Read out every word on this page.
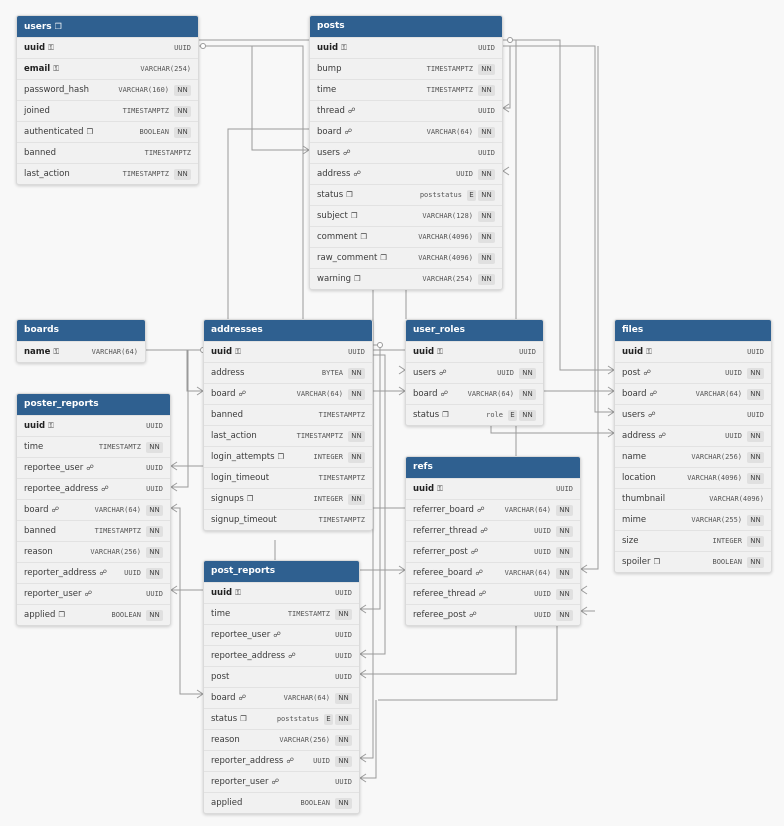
users ❒
uuid ⚿	UUID
email ⚿	VARCHAR(254)
password_hash	VARCHAR(160)	NN
joined	TIMESTAMPTZ	NN
authenticated ❒	BOOLEAN	NN
banned	TIMESTAMPTZ
last_action	TIMESTAMPTZ	NN
posts
uuid ⚿	UUID
bump	TIMESTAMPTZ	NN
time	TIMESTAMPTZ	NN
thread ☍	UUID
board ☍	VARCHAR(64)	NN
users ☍	UUID
address ☍	UUID	NN
status ❒	poststatus	E	NN
subject ❒	VARCHAR(128)	NN
comment ❒	VARCHAR(4096)	NN
raw_comment ❒	VARCHAR(4096)	NN
warning ❒	VARCHAR(254)	NN
boards
name ⚿	VARCHAR(64)
addresses
uuid ⚿	UUID
address	BYTEA	NN
board ☍	VARCHAR(64)	NN
banned	TIMESTAMPTZ
last_action	TIMESTAMPTZ	NN
login_attempts ❒	INTEGER	NN
login_timeout	TIMESTAMPTZ
signups ❒	INTEGER	NN
signup_timeout	TIMESTAMPTZ
user_roles
uuid ⚿	UUID
users ☍	UUID	NN
board ☍	VARCHAR(64)	NN
status ❒	role	E	NN
files
uuid ⚿	UUID
post ☍	UUID	NN
board ☍	VARCHAR(64)	NN
users ☍	UUID
address ☍	UUID	NN
name	VARCHAR(256)	NN
location	VARCHAR(4096)	NN
thumbnail	VARCHAR(4096)
mime	VARCHAR(255)	NN
size	INTEGER	NN
spoiler ❒	BOOLEAN	NN
poster_reports
uuid ⚿	UUID
time	TIMESTAMTZ	NN
reportee_user ☍	UUID
reportee_address ☍	UUID
board ☍	VARCHAR(64)	NN
banned	TIMESTAMPTZ	NN
reason	VARCHAR(256)	NN
reporter_address ☍ UUID	NN
reporter_user ☍	UUID
applied ❒	BOOLEAN	NN
refs
uuid ⚿	UUID
referrer_board ☍	VARCHAR(64)	NN
referrer_thread ☍	UUID	NN
referrer_post ☍	UUID	NN
referee_board ☍	VARCHAR(64)	NN
referee_thread ☍	UUID	NN
referee_post ☍	UUID	NN
post_reports
uuid ⚿	UUID
time	TIMESTAMTZ	NN
reportee_user ☍	UUID
reportee_address ☍	UUID
post	UUID
board ☍	VARCHAR(64)	NN
status ❒	poststatus	E	NN
reason	VARCHAR(256)	NN
reporter_address ☍	UUID	NN
reporter_user ☍	UUID
applied	BOOLEAN	NN
